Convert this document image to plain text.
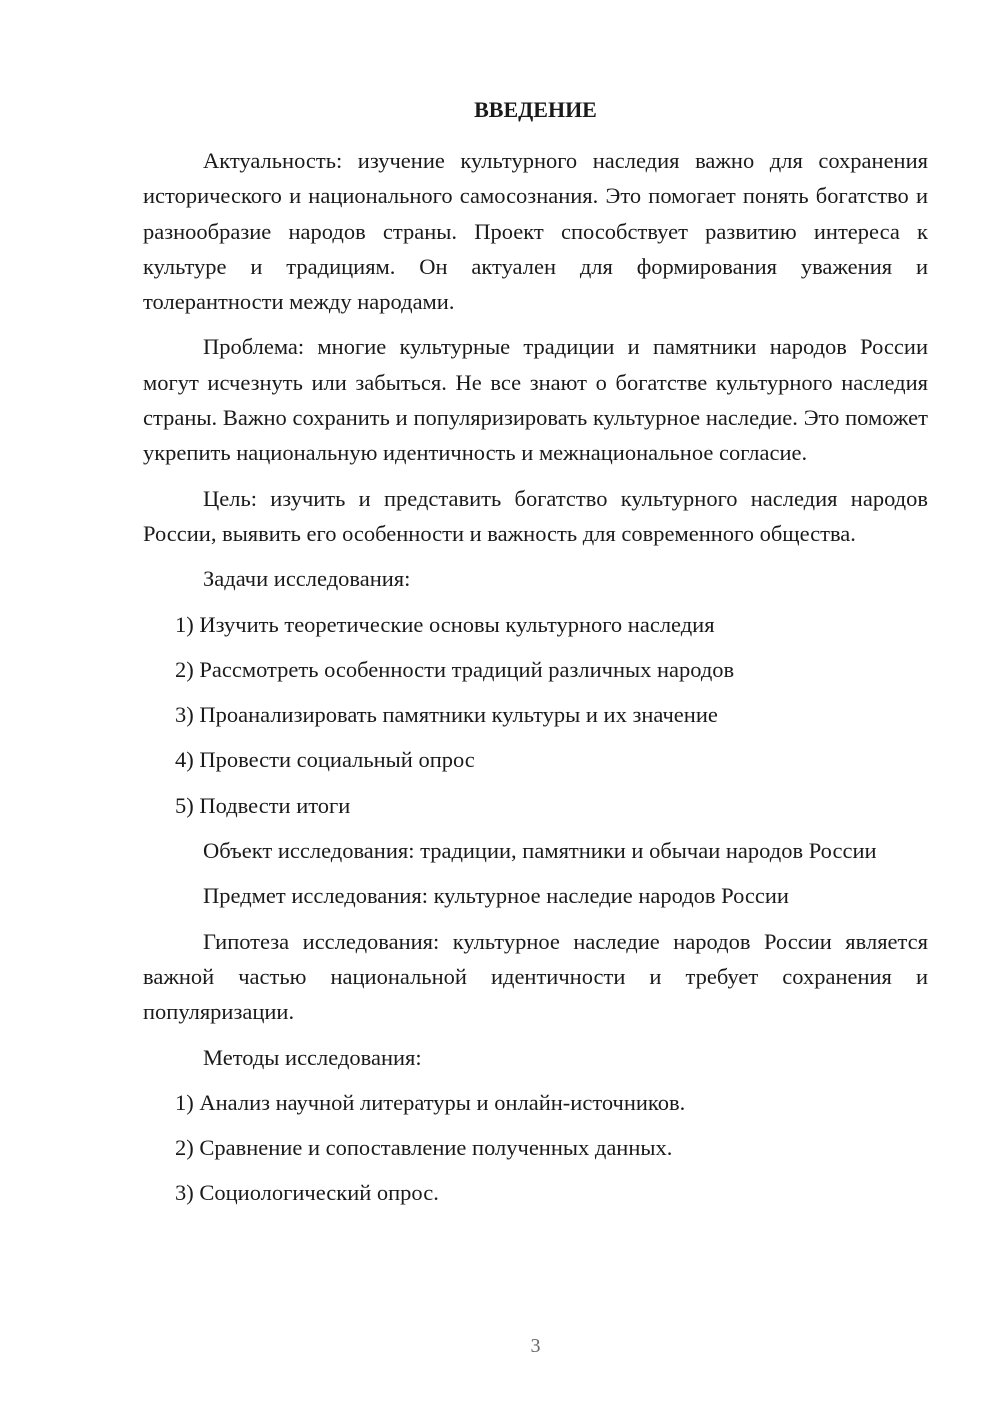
ВВЕДЕНИЕ

Актуальность: изучение культурного наследия важно для сохранения исторического и национального самосознания. Это помогает понять богатство и разнообразие народов страны. Проект способствует развитию интереса к культуре и традициям. Он актуален для формирования уважения и толерантности между народами.

Проблема: многие культурные традиции и памятники народов России могут исчезнуть или забыться. Не все знают о богатстве культурного наследия страны. Важно сохранить и популяризировать культурное наследие. Это поможет укрепить национальную идентичность и межнациональное согласие.

Цель: изучить и представить богатство культурного наследия народов России, выявить его особенности и важность для современного общества.

Задачи исследования:

1) Изучить теоретические основы культурного наследия

2) Рассмотреть особенности традиций различных народов

3) Проанализировать памятники культуры и их значение

4) Провести социальный опрос

5) Подвести итоги

Объект исследования: традиции, памятники и обычаи народов России

Предмет исследования: культурное наследие народов России

Гипотеза исследования: культурное наследие народов России является важной частью национальной идентичности и требует сохранения и популяризации.

Методы исследования:

1) Анализ научной литературы и онлайн-источников.

2) Сравнение и сопоставление полученных данных.

3) Социологический опрос.

3
